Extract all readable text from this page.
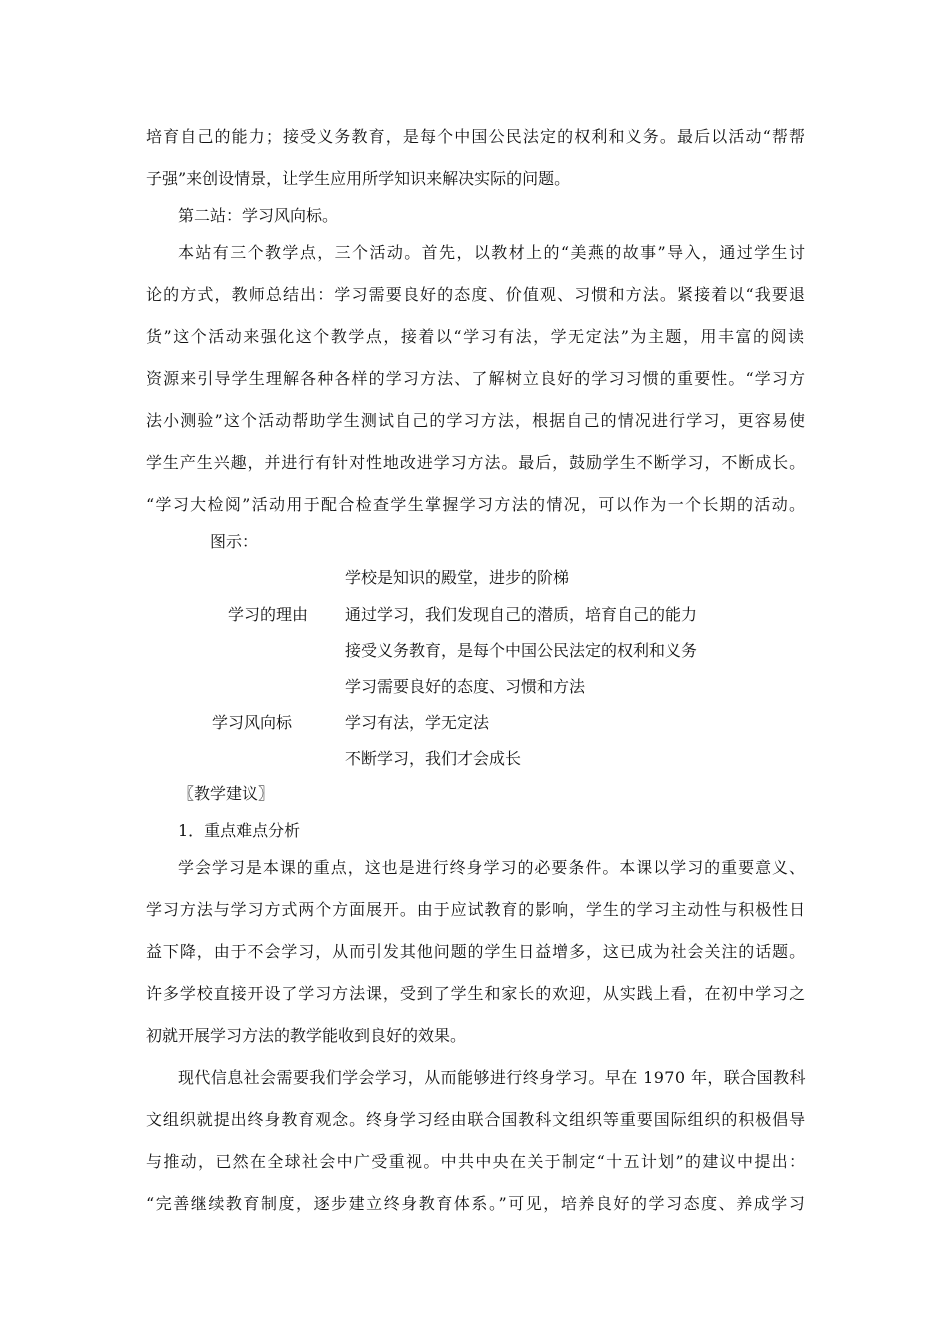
培育自己的能力；接受义务教育，是每个中国公民法定的权利和义务。最后以活动“帮帮
子强”来创设情景，让学生应用所学知识来解决实际的问题。
第二站：学习风向标。
本站有三个教学点，三个活动。首先，以教材上的“美燕的故事”导入，通过学生讨
论的方式，教师总结出：学习需要良好的态度、价值观、习惯和方法。紧接着以“我要退
货”这个活动来强化这个教学点，接着以“学习有法，学无定法”为主题，用丰富的阅读
资源来引导学生理解各种各样的学习方法、了解树立良好的学习习惯的重要性。“学习方
法小测验”这个活动帮助学生测试自己的学习方法，根据自己的情况进行学习，更容易使
学生产生兴趣，并进行有针对性地改进学习方法。最后，鼓励学生不断学习，不断成长。
“学习大检阅”活动用于配合检查学生掌握学习方法的情况，可以作为一个长期的活动。
图示：
学习的理由
学校是知识的殿堂，进步的阶梯
通过学习，我们发现自己的潜质，培育自己的能力
接受义务教育，是每个中国公民法定的权利和义务
学习风向标
学习需要良好的态度、习惯和方法
学习有法，学无定法
不断学习，我们才会成长
〖教学建议〗
1．重点难点分析
学会学习是本课的重点，这也是进行终身学习的必要条件。本课以学习的重要意义、
学习方法与学习方式两个方面展开。由于应试教育的影响，学生的学习主动性与积极性日
益下降，由于不会学习，从而引发其他问题的学生日益增多，这已成为社会关注的话题。
许多学校直接开设了学习方法课，受到了学生和家长的欢迎，从实践上看，在初中学习之
初就开展学习方法的教学能收到良好的效果。
现代信息社会需要我们学会学习，从而能够进行终身学习。早在 1970 年，联合国教科
文组织就提出终身教育观念。终身学习经由联合国教科文组织等重要国际组织的积极倡导
与推动，已然在全球社会中广受重视。中共中央在关于制定“十五计划”的建议中提出：
“完善继续教育制度，逐步建立终身教育体系。”可见，培养良好的学习态度、养成学习
